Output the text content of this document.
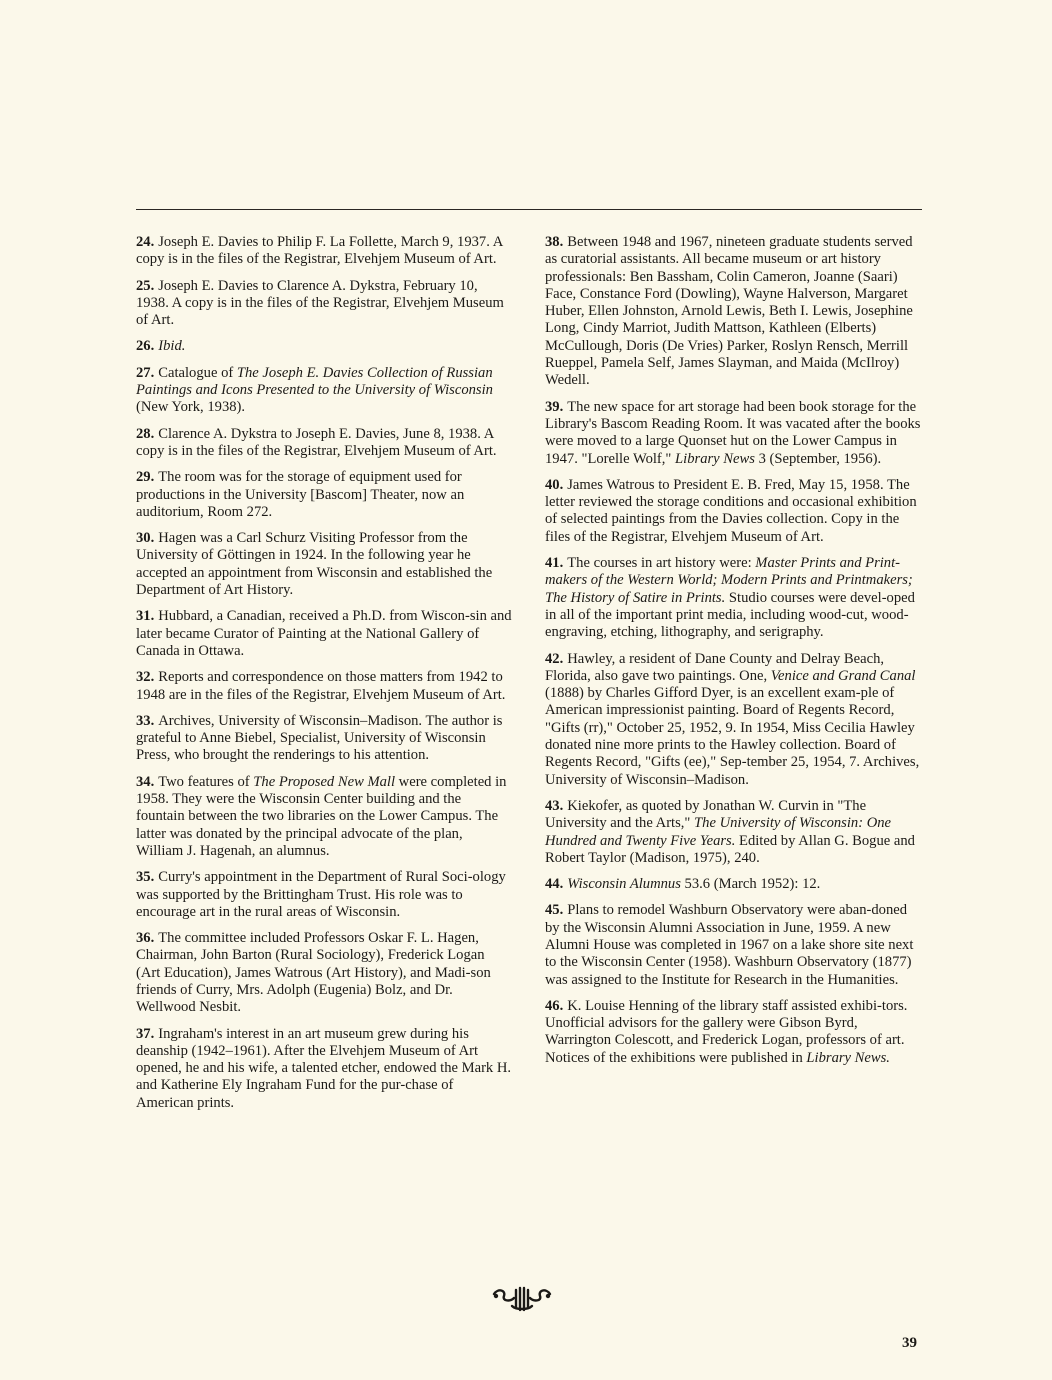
24. Joseph E. Davies to Philip F. La Follette, March 9, 1937. A copy is in the files of the Registrar, Elvehjem Museum of Art.

25. Joseph E. Davies to Clarence A. Dykstra, February 10, 1938. A copy is in the files of the Registrar, Elvehjem Museum of Art.

26. Ibid.

27. Catalogue of The Joseph E. Davies Collection of Russian Paintings and Icons Presented to the University of Wisconsin (New York, 1938).

28. Clarence A. Dykstra to Joseph E. Davies, June 8, 1938. A copy is in the files of the Registrar, Elvehjem Museum of Art.

29. The room was for the storage of equipment used for productions in the University [Bascom] Theater, now an auditorium, Room 272.

30. Hagen was a Carl Schurz Visiting Professor from the University of Göttingen in 1924. In the following year he accepted an appointment from Wisconsin and established the Department of Art History.

31. Hubbard, a Canadian, received a Ph.D. from Wiscon-sin and later became Curator of Painting at the National Gallery of Canada in Ottawa.

32. Reports and correspondence on those matters from 1942 to 1948 are in the files of the Registrar, Elvehjem Museum of Art.

33. Archives, University of Wisconsin–Madison. The author is grateful to Anne Biebel, Specialist, University of Wisconsin Press, who brought the renderings to his attention.

34. Two features of The Proposed New Mall were completed in 1958. They were the Wisconsin Center building and the fountain between the two libraries on the Lower Campus. The latter was donated by the principal advocate of the plan, William J. Hagenah, an alumnus.

35. Curry's appointment in the Department of Rural Soci-ology was supported by the Brittingham Trust. His role was to encourage art in the rural areas of Wisconsin.

36. The committee included Professors Oskar F. L. Hagen, Chairman, John Barton (Rural Sociology), Frederick Logan (Art Education), James Watrous (Art History), and Madi-son friends of Curry, Mrs. Adolph (Eugenia) Bolz, and Dr. Wellwood Nesbit.

37. Ingraham's interest in an art museum grew during his deanship (1942–1961). After the Elvehjem Museum of Art opened, he and his wife, a talented etcher, endowed the Mark H. and Katherine Ely Ingraham Fund for the pur-chase of American prints.

38. Between 1948 and 1967, nineteen graduate students served as curatorial assistants. All became museum or art history professionals: Ben Bassham, Colin Cameron, Joanne (Saari) Face, Constance Ford (Dowling), Wayne Halverson, Margaret Huber, Ellen Johnston, Arnold Lewis, Beth I. Lewis, Josephine Long, Cindy Marriot, Judith Mattson, Kathleen (Elberts) McCullough, Doris (De Vries) Parker, Roslyn Rensch, Merrill Rueppel, Pamela Self, James Slayman, and Maida (McIlroy) Wedell.

39. The new space for art storage had been book storage for the Library's Bascom Reading Room. It was vacated after the books were moved to a large Quonset hut on the Lower Campus in 1947. "Lorelle Wolf," Library News 3 (September, 1956).

40. James Watrous to President E. B. Fred, May 15, 1958. The letter reviewed the storage conditions and occasional exhibition of selected paintings from the Davies collection. Copy in the files of the Registrar, Elvehjem Museum of Art.

41. The courses in art history were: Master Prints and Print-makers of the Western World; Modern Prints and Printmakers; The History of Satire in Prints. Studio courses were devel-oped in all of the important print media, including wood-cut, wood-engraving, etching, lithography, and serigraphy.

42. Hawley, a resident of Dane County and Delray Beach, Florida, also gave two paintings. One, Venice and Grand Canal (1888) by Charles Gifford Dyer, is an excellent exam-ple of American impressionist painting. Board of Regents Record, "Gifts (rr)," October 25, 1952, 9. In 1954, Miss Cecilia Hawley donated nine more prints to the Hawley collection. Board of Regents Record, "Gifts (ee)," Sep-tember 25, 1954, 7. Archives, University of Wisconsin–Madison.

43. Kiekofer, as quoted by Jonathan W. Curvin in "The University and the Arts," The University of Wisconsin: One Hundred and Twenty Five Years. Edited by Allan G. Bogue and Robert Taylor (Madison, 1975), 240.

44. Wisconsin Alumnus 53.6 (March 1952): 12.

45. Plans to remodel Washburn Observatory were aban-doned by the Wisconsin Alumni Association in June, 1959. A new Alumni House was completed in 1967 on a lake shore site next to the Wisconsin Center (1958). Washburn Observatory (1877) was assigned to the Institute for Research in the Humanities.

46. K. Louise Henning of the library staff assisted exhibi-tors. Unofficial advisors for the gallery were Gibson Byrd, Warrington Colescott, and Frederick Logan, professors of art. Notices of the exhibitions were published in Library News.

39
